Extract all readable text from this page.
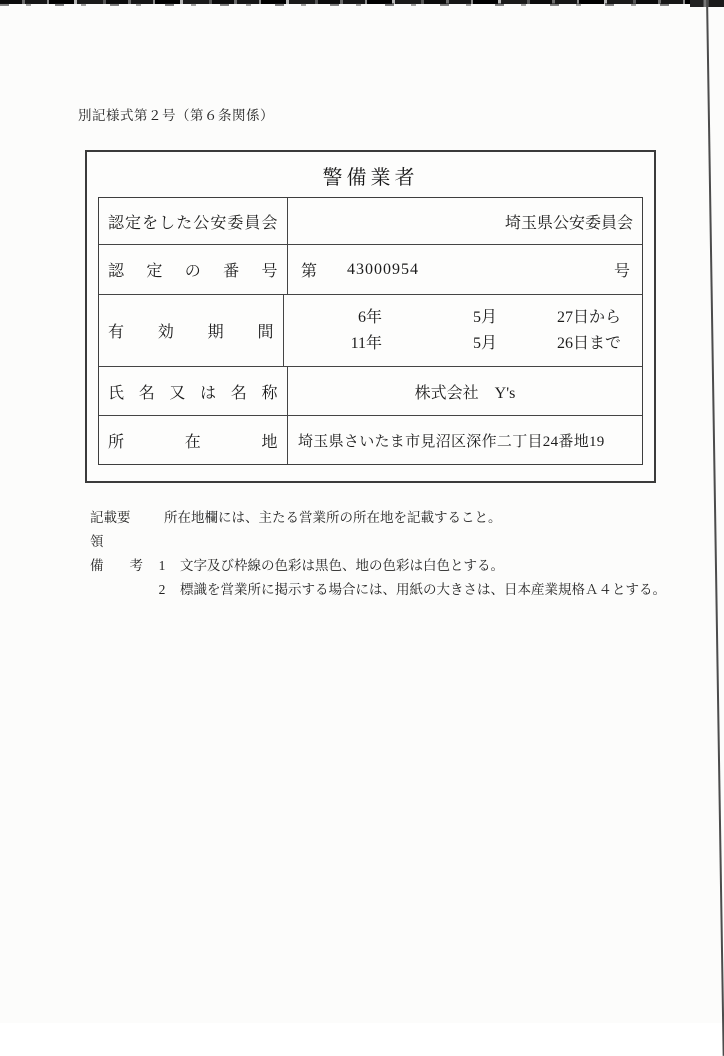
別記様式第２号（第６条関係）
警備業者
認定をした公安委員会	埼玉県公安委員会
認定の番号 第 43000954	号
有効期間
6年	5月	27日から
11年	5月	26日まで
氏名又は名称	株式会社　Y's
所在地 埼玉県さいたま市見沼区深作二丁目24番地19
記載要領
所在地欄には、主たる営業所の所在地を記載すること。
備考	1	文字及び枠線の色彩は黒色、地の色彩は白色とする。
2	標識を営業所に掲示する場合には、用紙の大きさは、日本産業規格Ａ４とする。
